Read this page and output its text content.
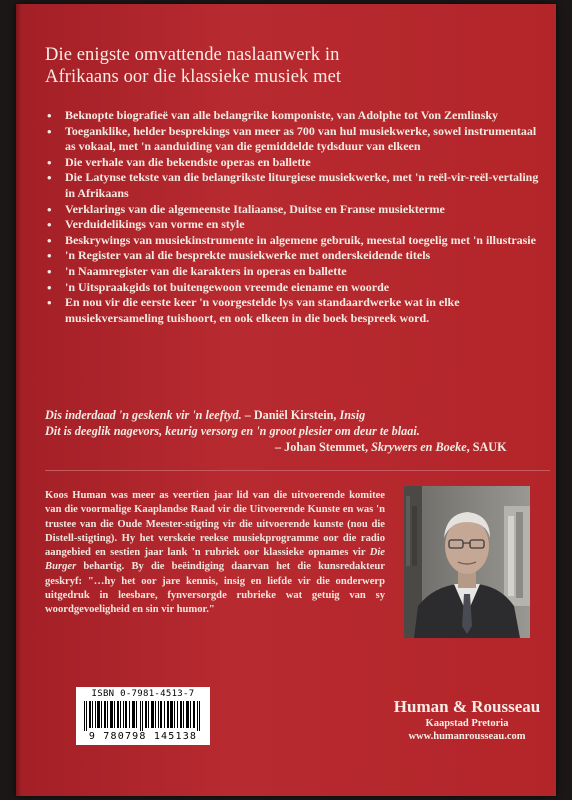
Die enigste omvattende naslaanwerk in
Afrikaans oor die klassieke musiek met
• Beknopte biografieë van alle belangrike komponiste, van Adolphe tot Von Zemlinsky
• Toeganklike, helder besprekings van meer as 700 van hul musiekwerke, sowel instrumentaal as vokaal, met 'n aanduiding van die gemiddelde tydsduur van elkeen
• Die verhale van die bekendste operas en ballette
• Die Latynse tekste van die belangrikste liturgiese musiekwerke, met 'n reël-vir-reël-vertaling in Afrikaans
• Verklarings van die algemeenste Italiaanse, Duitse en Franse musiekterme
• Verduidelikings van vorme en style
• Beskrywings van musiekinstrumente in algemene gebruik, meestal toegelig met 'n illustrasie
• 'n Register van al die besprekte musiekwerke met onderskeidende titels
• 'n Naamregister van die karakters in operas en ballette
• 'n Uitspraakgids tot buitengewoon vreemde eiename en woorde
• En nou vir die eerste keer 'n voorgestelde lys van standaardwerke wat in elke musiekversameling tuishoort, en ook elkeen in die boek bespreek word.
Dis inderdaad 'n geskenk vir 'n leeftyd. – Daniël Kirstein, Insig
Dit is deeglik nagevors, keurig versorg en 'n groot plesier om deur te blaai.
– Johan Stemmet, Skrywers en Boeke, SAUK
Koos Human was meer as veertien jaar lid van die uitvoerende komitee van die voormalige Kaaplandse Raad vir die Uitvoerende Kunste en was 'n trustee van die Oude Meester-stigting vir die uitvoerende kunste (nou die Distell-stigting). Hy het verskeie reekse musiekprogramme oor die radio aangebied en sestien jaar lank 'n rubriek oor klassieke opnames vir Die Burger behartig. By die beëindiging daarvan het die kunsredakteur geskryf: "…hy het oor jare kennis, insig en liefde vir die onderwerp uitgedruk in leesbare, fynversorgde rubrieke wat getuig van sy woordgevoeligheid en sin vir humor."
ISBN 0-7981-4513-7
9 780798 145138
Human & Rousseau
Kaapstad Pretoria
www.humanrousseau.com
